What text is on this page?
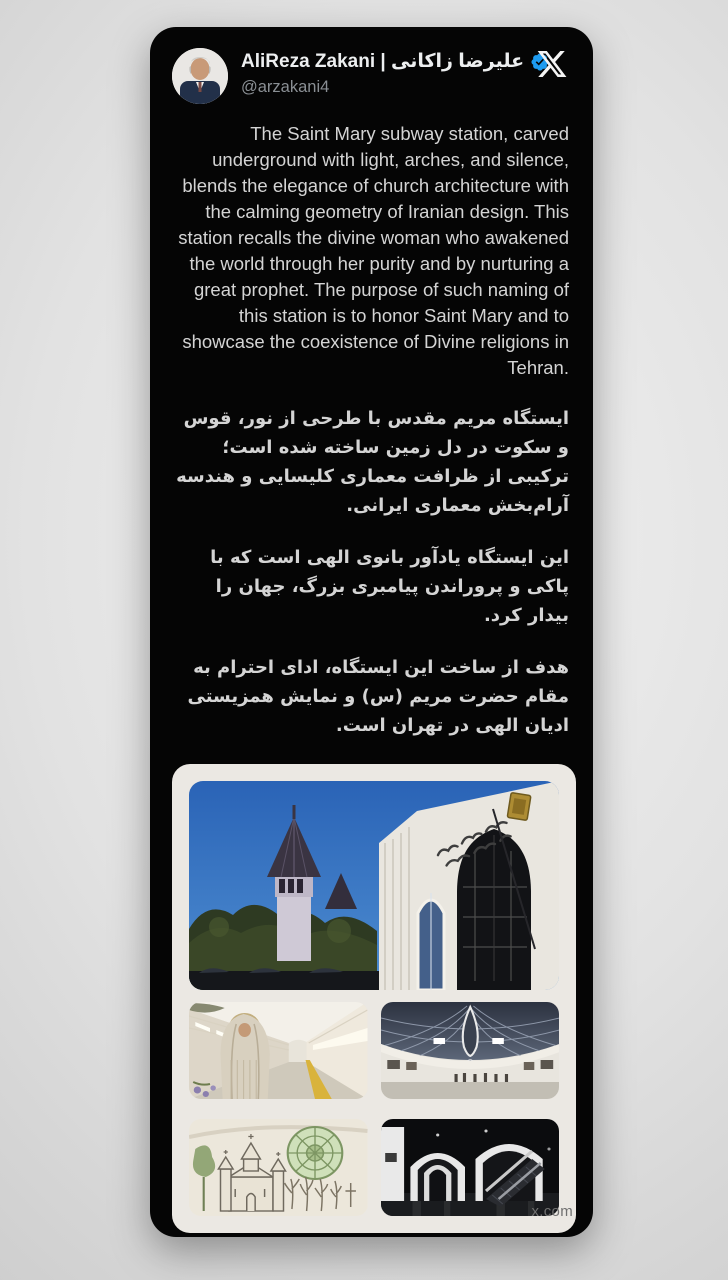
AliReza Zakani | علیرضا زاکانی
@arzakani4

The Saint Mary subway station, carved underground with light, arches, and silence, blends the elegance of church architecture with the calming geometry of Iranian design. This station recalls the divine woman who awakened the world through her purity and by nurturing a great prophet. The purpose of such naming of this station is to honor Saint Mary and to showcase the coexistence of Divine religions in Tehran.

ایستگاه مریم مقدس با طرحی از نور، قوس و سکوت در دل زمین ساخته شده است؛ ترکیبی از ظرافت معماری کلیسایی و هندسه آرام‌بخش معماری ایرانی.

این ایستگاه یادآور بانوی الهی است که با پاکی و پروراندن پیامبری بزرگ، جهان را بیدار کرد.

هدف از ساخت این ایستگاه، ادای احترام به مقام حضرت مریم (س) و نمایش همزیستی ادیان الهی در تهران است.

x.com
